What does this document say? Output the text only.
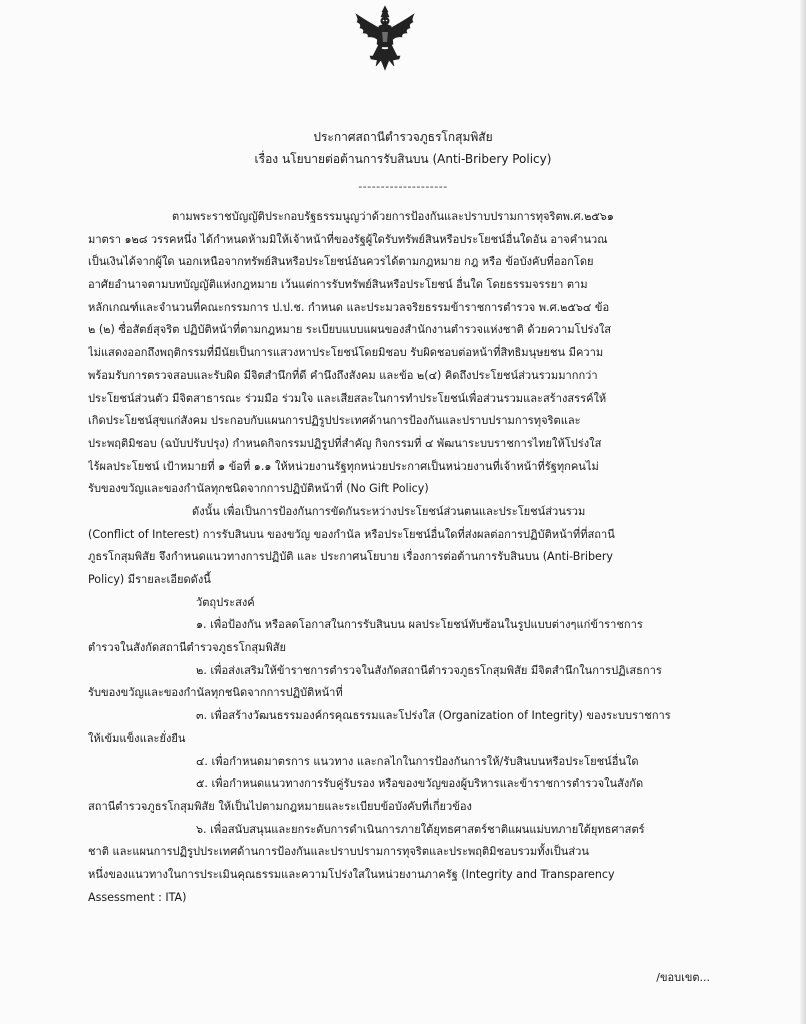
ประกาศสถานีตำรวจภูธรโกสุมพิสัย
เรื่อง นโยบายต่อต้านการรับสินบน (Anti-Bribery Policy)
--------------------
ตามพระราชบัญญัติประกอบรัฐธรรมนูญว่าด้วยการป้องกันและปราบปรามการทุจริตพ.ศ.๒๕๖๑
มาตรา ๑๒๘ วรรคหนึ่ง ได้กำหนดห้ามมิให้เจ้าหน้าที่ของรัฐผู้ใดรับทรัพย์สินหรือประโยชน์อื่นใดอัน อาจคำนวณ
เป็นเงินได้จากผู้ใด นอกเหนือจากทรัพย์สินหรือประโยชน์อันควรได้ตามกฎหมาย กฎ หรือ ข้อบังคับที่ออกโดย
อาศัยอำนาจตามบทบัญญัติแห่งกฎหมาย เว้นแต่การรับทรัพย์สินหรือประโยชน์ อื่นใด โดยธรรมจรรยา ตาม
หลักเกณฑ์และจำนวนที่คณะกรรมการ ป.ป.ช. กำหนด และประมวลจริยธรรมข้าราชการตำรวจ พ.ศ.๒๕๖๔ ข้อ
๒ (๒) ซื่อสัตย์สุจริต ปฏิบัติหน้าที่ตามกฎหมาย ระเบียบแบบแผนของสำนักงานตำรวจแห่งชาติ ด้วยความโปร่งใส
ไม่แสดงออกถึงพฤติกรรมที่มีนัยเป็นการแสวงหาประโยชน์โดยมิชอบ รับผิดชอบต่อหน้าที่สิทธิมนุษยชน มีความ
พร้อมรับการตรวจสอบและรับผิด มีจิตสำนึกที่ดี คำนึงถึงสังคม และข้อ ๒(๔) คิดถึงประโยชน์ส่วนรวมมากกว่า
ประโยชน์ส่วนตัว มีจิตสาธารณะ ร่วมมือ ร่วมใจ และเสียสละในการทำประโยชน์เพื่อส่วนรวมและสร้างสรรค์ให้
เกิดประโยชน์สุขแก่สังคม ประกอบกับแผนการปฏิรูปประเทศด้านการป้องกันและปราบปรามการทุจริตและ
ประพฤติมิชอบ (ฉบับปรับปรุง) กำหนดกิจกรรมปฏิรูปที่สำคัญ กิจกรรมที่ ๔ พัฒนาระบบราชการไทยให้โปร่งใส
ไร้ผลประโยชน์ เป้าหมายที่ ๑ ข้อที่ ๑.๑ ให้หน่วยงานรัฐทุกหน่วยประกาศเป็นหน่วยงานที่เจ้าหน้าที่รัฐทุกคนไม่
รับของขวัญและของกำนัลทุกชนิดจากการปฏิบัติหน้าที่ (No Gift Policy)
ดังนั้น เพื่อเป็นการป้องกันการขัดกันระหว่างประโยชน์ส่วนตนและประโยชน์ส่วนรวม
(Conflict of Interest) การรับสินบน ของขวัญ ของกำนัล หรือประโยชน์อื่นใดที่ส่งผลต่อการปฏิบัติหน้าที่ที่สถานี
ภูธรโกสุมพิสัย จึงกำหนดแนวทางการปฏิบัติ และ ประกาศนโยบาย เรื่องการต่อต้านการรับสินบน (Anti-Bribery
Policy) มีรายละเอียดดังนี้
วัตถุประสงค์
๑. เพื่อป้องกัน หรือลดโอกาสในการรับสินบน ผลประโยชน์ทับซ้อนในรูปแบบต่างๆแก่ข้าราชการ
ตำรวจในสังกัดสถานีตำรวจภูธรโกสุมพิสัย
๒. เพื่อส่งเสริมให้ข้าราชการตำรวจในสังกัดสถานีตำรวจภูธรโกสุมพิสัย มีจิตสำนึกในการปฏิเสธการ
รับของขวัญและของกำนัลทุกชนิดจากการปฏิบัติหน้าที่
๓. เพื่อสร้างวัฒนธรรมองค์กรคุณธรรมและโปร่งใส (Organization of Integrity) ของระบบราชการ
ให้เข้มแข็งและยั่งยืน
๔. เพื่อกำหนดมาตรการ แนวทาง และกลไกในการป้องกันการให้/รับสินบนหรือประโยชน์อื่นใด
๕. เพื่อกำหนดแนวทางการรับคู่รับรอง หรือของขวัญของผู้บริหารและข้าราชการตำรวจในสังกัด
สถานีตำรวจภูธรโกสุมพิสัย ให้เป็นไปตามกฎหมายและระเบียบข้อบังคับที่เกี่ยวข้อง
๖. เพื่อสนับสนุนและยกระดับการดำเนินการภายใต้ยุทธศาสตร์ชาติแผนแม่บทภายใต้ยุทธศาสตร์
ชาติ และแผนการปฏิรูปประเทศด้านการป้องกันและปราบปรามการทุจริตและประพฤติมิชอบรวมทั้งเป็นส่วน
หนึ่งของแนวทางในการประเมินคุณธรรมและความโปร่งใสในหน่วยงานภาครัฐ (Integrity and Transparency
Assessment : ITA)
/ขอบเขต...
